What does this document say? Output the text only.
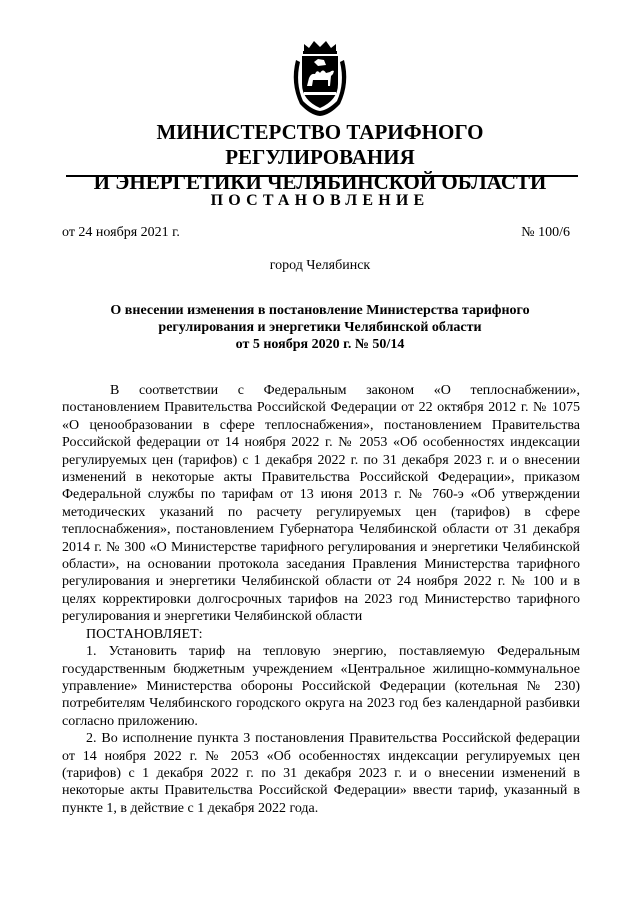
МИНИСТЕРСТВО ТАРИФНОГО РЕГУЛИРОВАНИЯ
И ЭНЕРГЕТИКИ ЧЕЛЯБИНСКОЙ ОБЛАСТИ
ПОСТАНОВЛЕНИЕ
от 24 ноября 2021 г.	№ 100/6
город Челябинск
О внесении изменения в постановление Министерства тарифного
регулирования и энергетики Челябинской области
от 5 ноября 2020 г. № 50/14

В соответствии с Федеральным законом «О теплоснабжении», постановлением Правительства Российской Федерации от 22 октября 2012 г. № 1075 «О ценообразовании в сфере теплоснабжения», постановлением Правительства Российской федерации от 14 ноября 2022 г. № 2053 «Об особенностях индексации регулируемых цен (тарифов) с 1 декабря 2022 г. по 31 декабря 2023 г. и о внесении изменений в некоторые акты Правительства Российской Федерации», приказом Федеральной службы по тарифам от 13 июня 2013 г. № 760-э «Об утверждении методических указаний по расчету регулируемых цен (тарифов) в сфере теплоснабжения», постановлением Губернатора Челябинской области от 31 декабря 2014 г. № 300 «О Министерстве тарифного регулирования и энергетики Челябинской области», на основании протокола заседания Правления Министерства тарифного регулирования и энергетики Челябинской области от 24 ноября 2022 г. № 100 и в целях корректировки долгосрочных тарифов на 2023 год Министерство тарифного регулирования и энергетики Челябинской области

ПОСТАНОВЛЯЕТ:

1. Установить тариф на тепловую энергию, поставляемую Федеральным государственным бюджетным учреждением «Центральное жилищно-коммунальное управление» Министерства обороны Российской Федерации (котельная № 230) потребителям Челябинского городского округа на 2023 год без календарной разбивки согласно приложению.

2. Во исполнение пункта 3 постановления Правительства Российской федерации от 14 ноября 2022 г. № 2053 «Об особенностях индексации регулируемых цен (тарифов) с 1 декабря 2022 г. по 31 декабря 2023 г. и о внесении изменений в некоторые акты Правительства Российской Федерации» ввести тариф, указанный в пункте 1, в действие с 1 декабря 2022 года.
